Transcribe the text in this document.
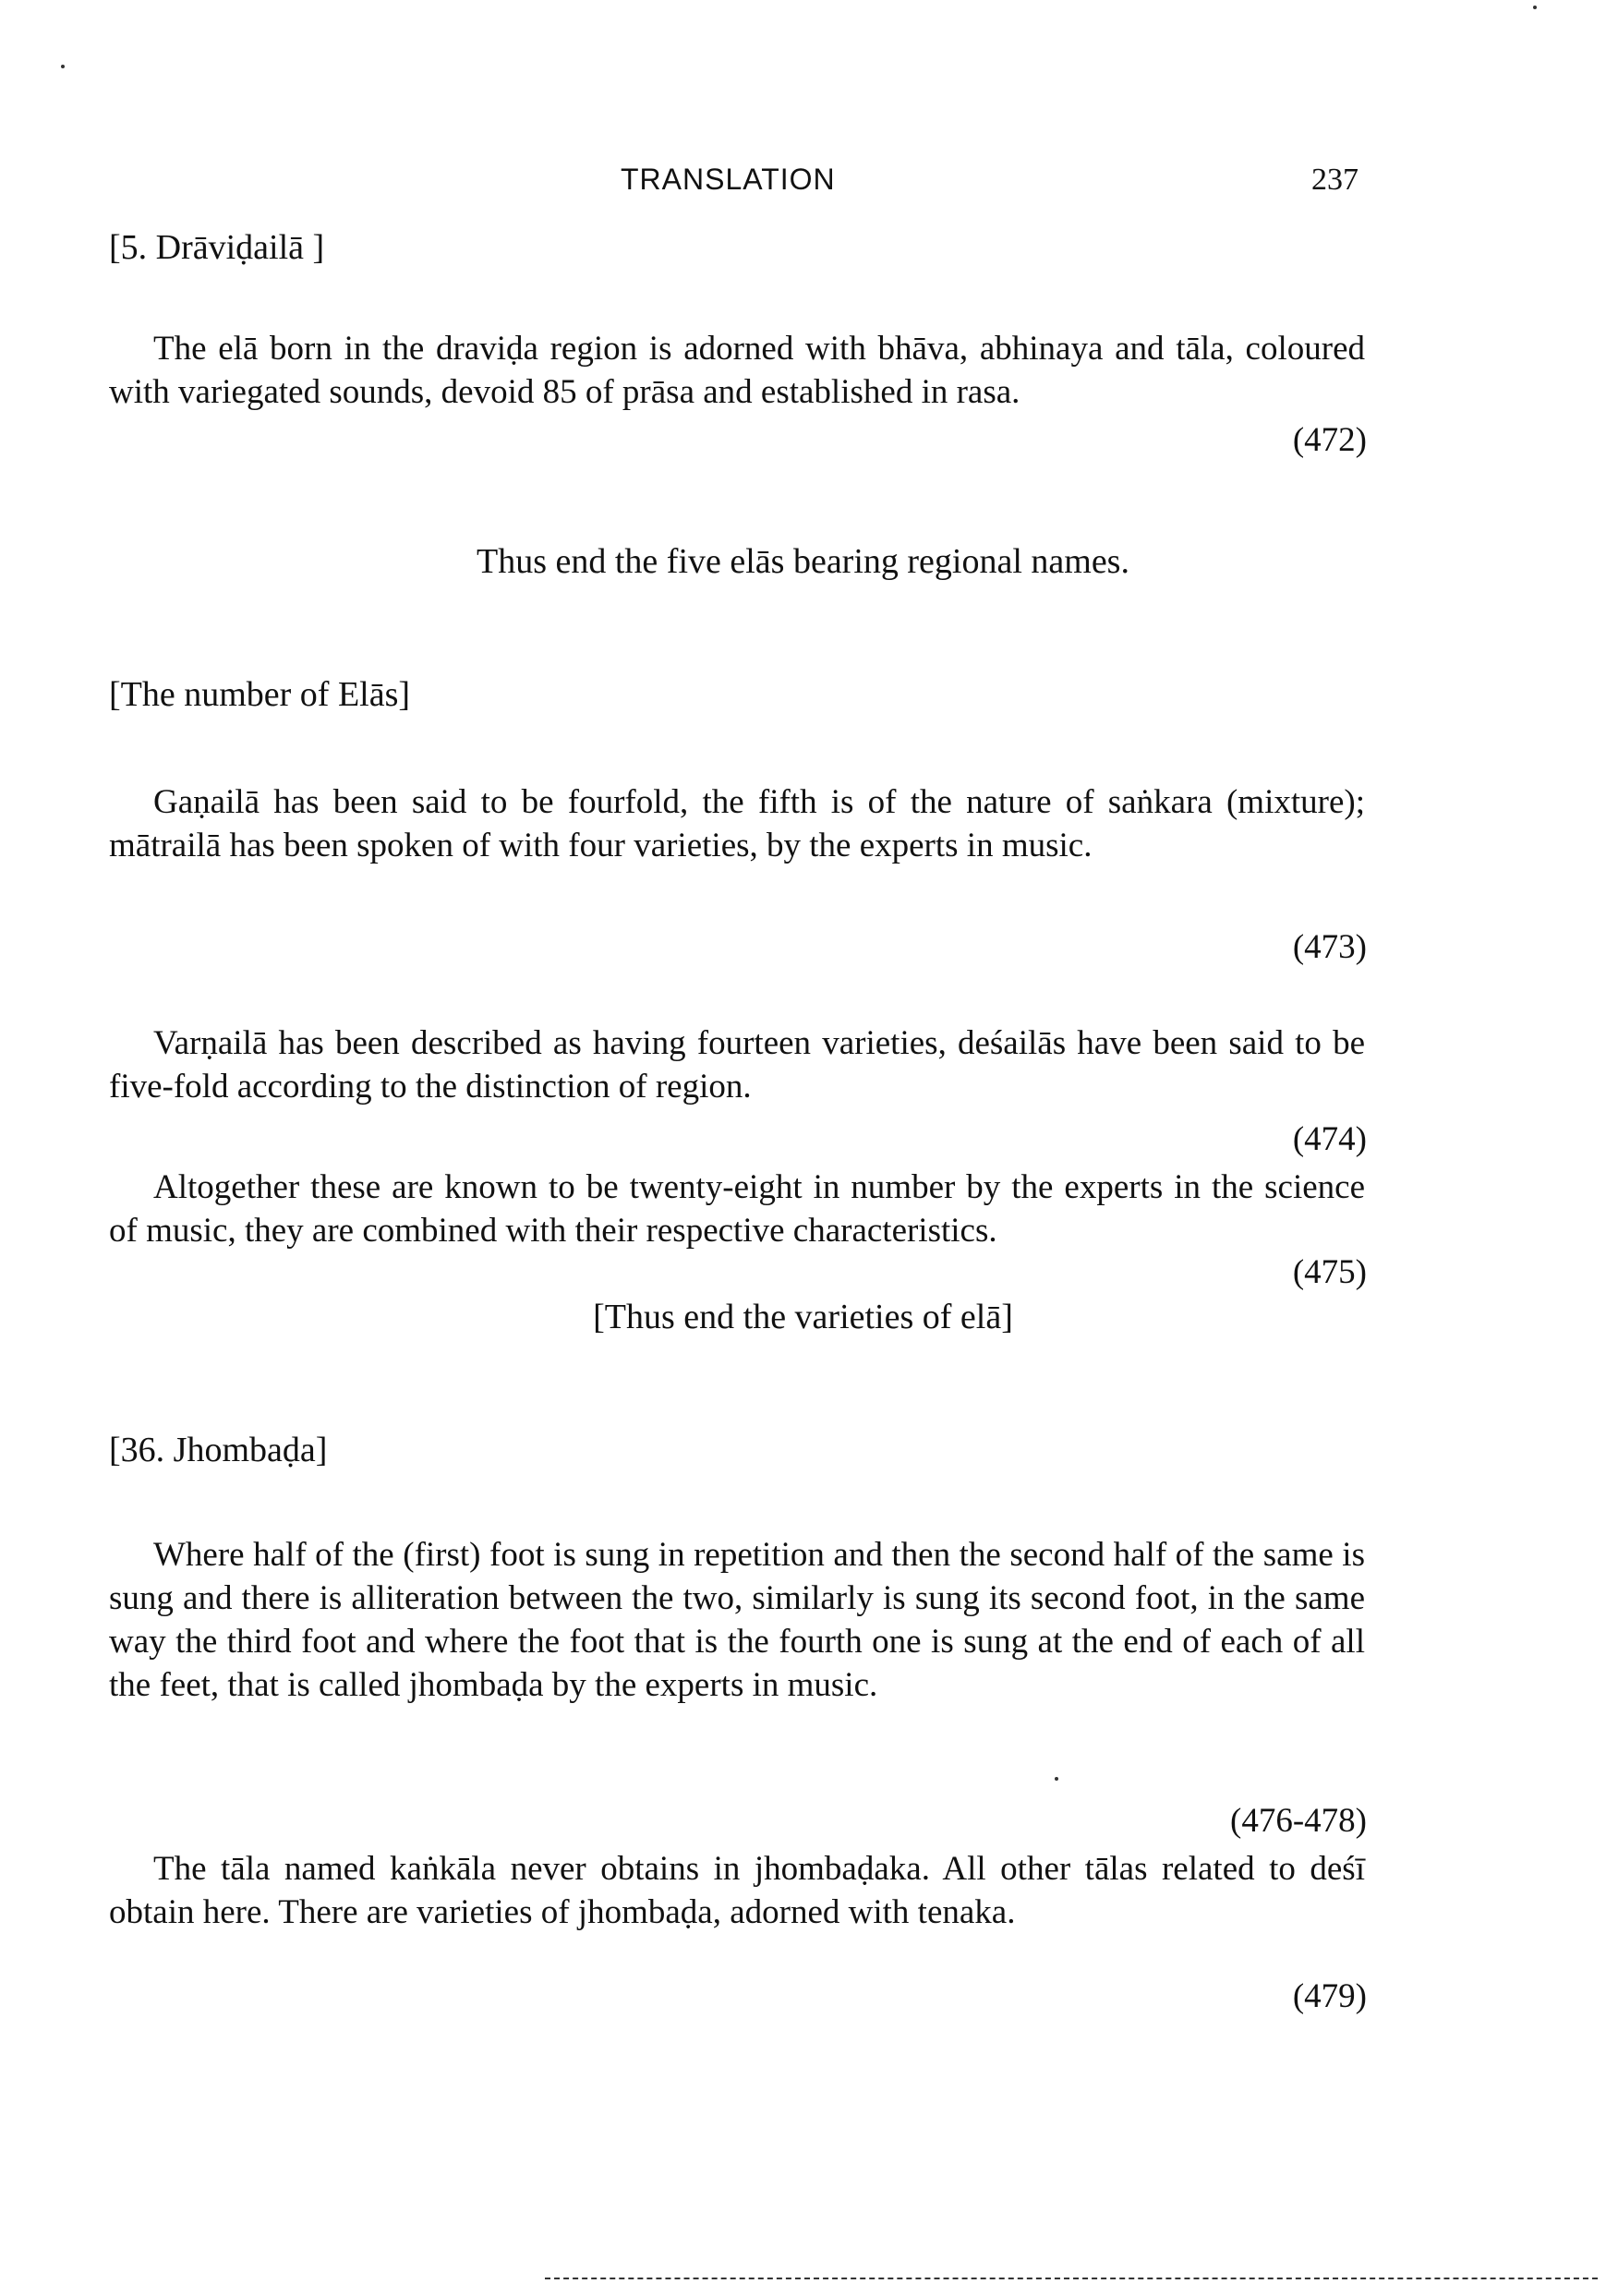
TRANSLATION	237
[5. Drāviḍailā ]

The elā born in the draviḍa region is adorned with bhāva, abhinaya and tāla, coloured with variegated sounds, devoid 85 of prāsa and established in rasa.

(472)
Thus end the five elās bearing regional names.
[The number of Elās]

Gaṇailā has been said to be fourfold, the fifth is of the nature of saṅkara (mixture); mātrailā has been spoken of with four varieties, by the experts in music.

(473)

Varṇailā has been described as having fourteen varieties, deśailās have been said to be five-fold according to the distinction of region.

(474)

Altogether these are known to be twenty-eight in number by the experts in the science of music, they are combined with their respective characteristics.

(475)
[Thus end the varieties of elā]
[36. Jhombaḍa]

Where half of the (first) foot is sung in repetition and then the second half of the same is sung and there is alliteration between the two, similarly is sung its second foot, in the same way the third foot and where the foot that is the fourth one is sung at the end of each of all the feet, that is called jhombaḍa by the experts in music.

(476-478)

The tāla named kaṅkāla never obtains in jhombaḍaka. All other tālas related to deśī obtain here. There are varieties of jhombaḍa, adorned with tenaka.

(479)
